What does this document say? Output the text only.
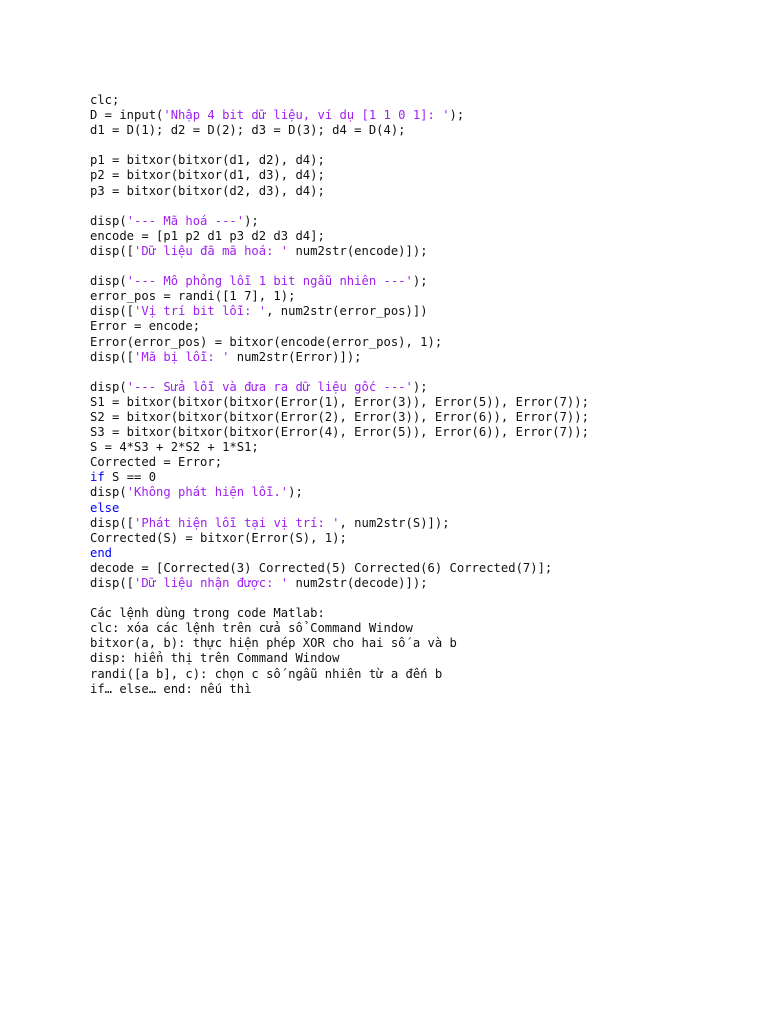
clc;
D = input('Nhập 4 bit dữ liệu, ví dụ [1 1 0 1]: ');
d1 = D(1); d2 = D(2); d3 = D(3); d4 = D(4);
p1 = bitxor(bitxor(d1, d2), d4);
p2 = bitxor(bitxor(d1, d3), d4);
p3 = bitxor(bitxor(d2, d3), d4);
disp('--- Mã hoá ---');
encode = [p1 p2 d1 p3 d2 d3 d4];
disp(['Dữ liệu đã mã hoá: ' num2str(encode)]);
disp('--- Mô phỏng lỗi 1 bit ngẫu nhiên ---');
error_pos = randi([1 7], 1);
disp(['Vị trí bit lỗi: ', num2str(error_pos)])
Error = encode;
Error(error_pos) = bitxor(encode(error_pos), 1);
disp(['Mã bị lỗi: ' num2str(Error)]);
disp('--- Sửa lỗi và đưa ra dữ liệu gốc ---');
S1 = bitxor(bitxor(bitxor(Error(1), Error(3)), Error(5)), Error(7));
S2 = bitxor(bitxor(bitxor(Error(2), Error(3)), Error(6)), Error(7));
S3 = bitxor(bitxor(bitxor(Error(4), Error(5)), Error(6)), Error(7));
S = 4*S3 + 2*S2 + 1*S1;
Corrected = Error;
if S == 0
disp('Không phát hiện lỗi.');
else
disp(['Phát hiện lỗi tại vị trí: ', num2str(S)]);
Corrected(S) = bitxor(Error(S), 1);
end
decode = [Corrected(3) Corrected(5) Corrected(6) Corrected(7)];
disp(['Dữ liệu nhận được: ' num2str(decode)]);
Các lệnh dùng trong code Matlab:
clc: xóa các lệnh trên cửa sổ Command Window
bitxor(a, b): thực hiện phép XOR cho hai số a và b
disp: hiển thị trên Command Window
randi([a b], c): chọn c số ngẫu nhiên từ a đến b
if… else… end: nếu thì
